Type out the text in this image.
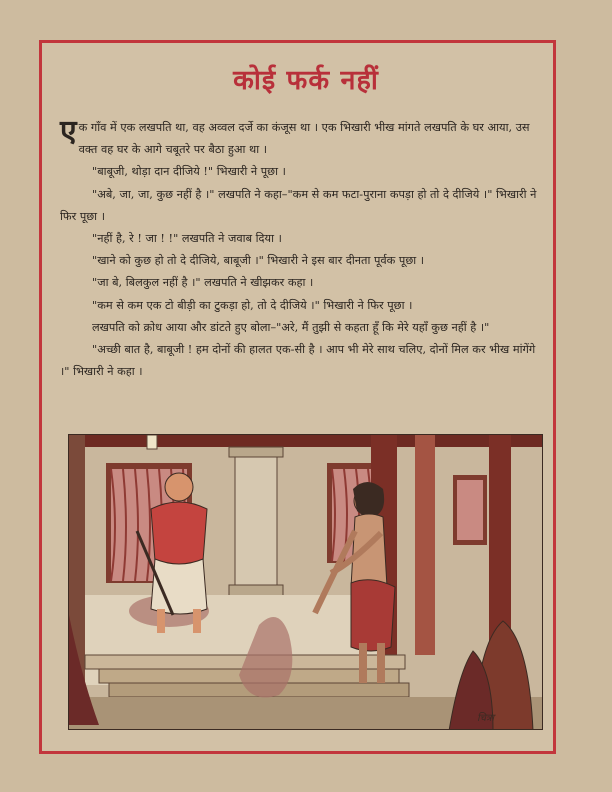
कोई फर्क नहीं

एक गाँव में एक लखपति था, वह अव्वल दर्जे का कंजूस था । एक भिखारी भीख मांगते लखपति के घर आया, उस वक्त वह घर के आगे चबूतरे पर बैठा हुआ था ।

"बाबूजी, थोड़ा दान दीजिये !" भिखारी ने पूछा ।

"अबे, जा, जा, कुछ नहीं है ।" लखपति ने कहा–"कम से कम फटा-पुराना कपड़ा हो तो दे दीजिये ।" भिखारी ने फिर पूछा ।

"नहीं है, रे ! जा ! !" लखपति ने जवाब दिया ।

"खाने को कुछ हो तो दे दीजिये, बाबूजी ।" भिखारी ने इस बार दीनता पूर्वक पूछा ।

"जा बे, बिलकुल नहीं है ।" लखपति ने खीझकर कहा ।

"कम से कम एक टो बीड़ी का टुकड़ा हो, तो दे दीजिये ।" भिखारी ने फिर पूछा ।

लखपति को क्रोध आया और डांटते हुए बोला–"अरे, मैं तुझी से कहता हूँ कि मेरे यहाँ कुछ नहीं है ।"

"अच्छी बात है, बाबूजी ! हम दोनों की हालत एक-सी है । आप भी मेरे साथ चलिए, दोनों मिल कर भीख मांगेंगे ।" भिखारी ने कहा ।

चित्रा
